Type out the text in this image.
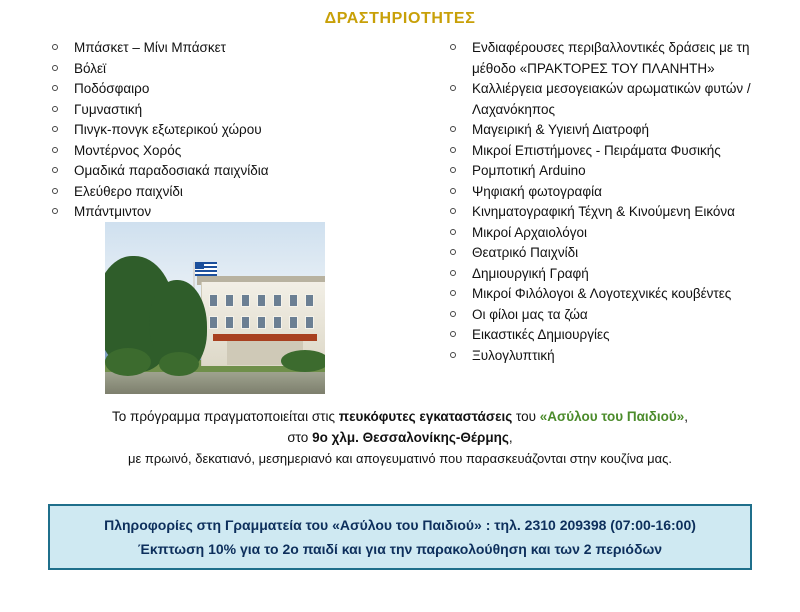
ΔΡΑΣΤΗΡΙΟΤΗΤΕΣ
Μπάσκετ – Μίνι Μπάσκετ
Βόλεϊ
Ποδόσφαιρο
Γυμναστική
Πινγκ-πονγκ εξωτερικού χώρου
Μοντέρνος Χορός
Ομαδικά παραδοσιακά παιχνίδια
Ελεύθερο παιχνίδι
Μπάντμιντον
Ενδιαφέρουσες περιβαλλοντικές δράσεις με τη μέθοδο «ΠΡΑΚΤΟΡΕΣ ΤΟΥ ΠΛΑΝΗΤΗ»
Καλλιέργεια μεσογειακών αρωματικών φυτών / Λαχανόκηπος
Μαγειρική & Υγιεινή Διατροφή
Μικροί Επιστήμονες - Πειράματα Φυσικής
Ρομποτική Arduino
Ψηφιακή φωτογραφία
Κινηματογραφική Τέχνη & Κινούμενη Εικόνα
Μικροί Αρχαιολόγοι
Θεατρικό Παιχνίδι
Δημιουργική Γραφή
Μικροί Φιλόλογοι & Λογοτεχνικές κουβέντες
Οι φίλοι μας τα ζώα
Εικαστικές Δημιουργίες
Ξυλογλυπτική
Το πρόγραμμα πραγματοποιείται στις πευκόφυτες εγκαταστάσεις του «Ασύλου του Παιδιού»,
στο 9ο χλμ. Θεσσαλονίκης-Θέρμης,
με πρωινό, δεκατιανό, μεσημεριανό και απογευματινό που παρασκευάζονται στην κουζίνα μας.
Πληροφορίες στη Γραμματεία του «Ασύλου του Παιδιού» : τηλ. 2310 209398 (07:00-16:00)
Έκπτωση 10% για το 2ο παιδί και για την παρακολούθηση και των 2 περιόδων
